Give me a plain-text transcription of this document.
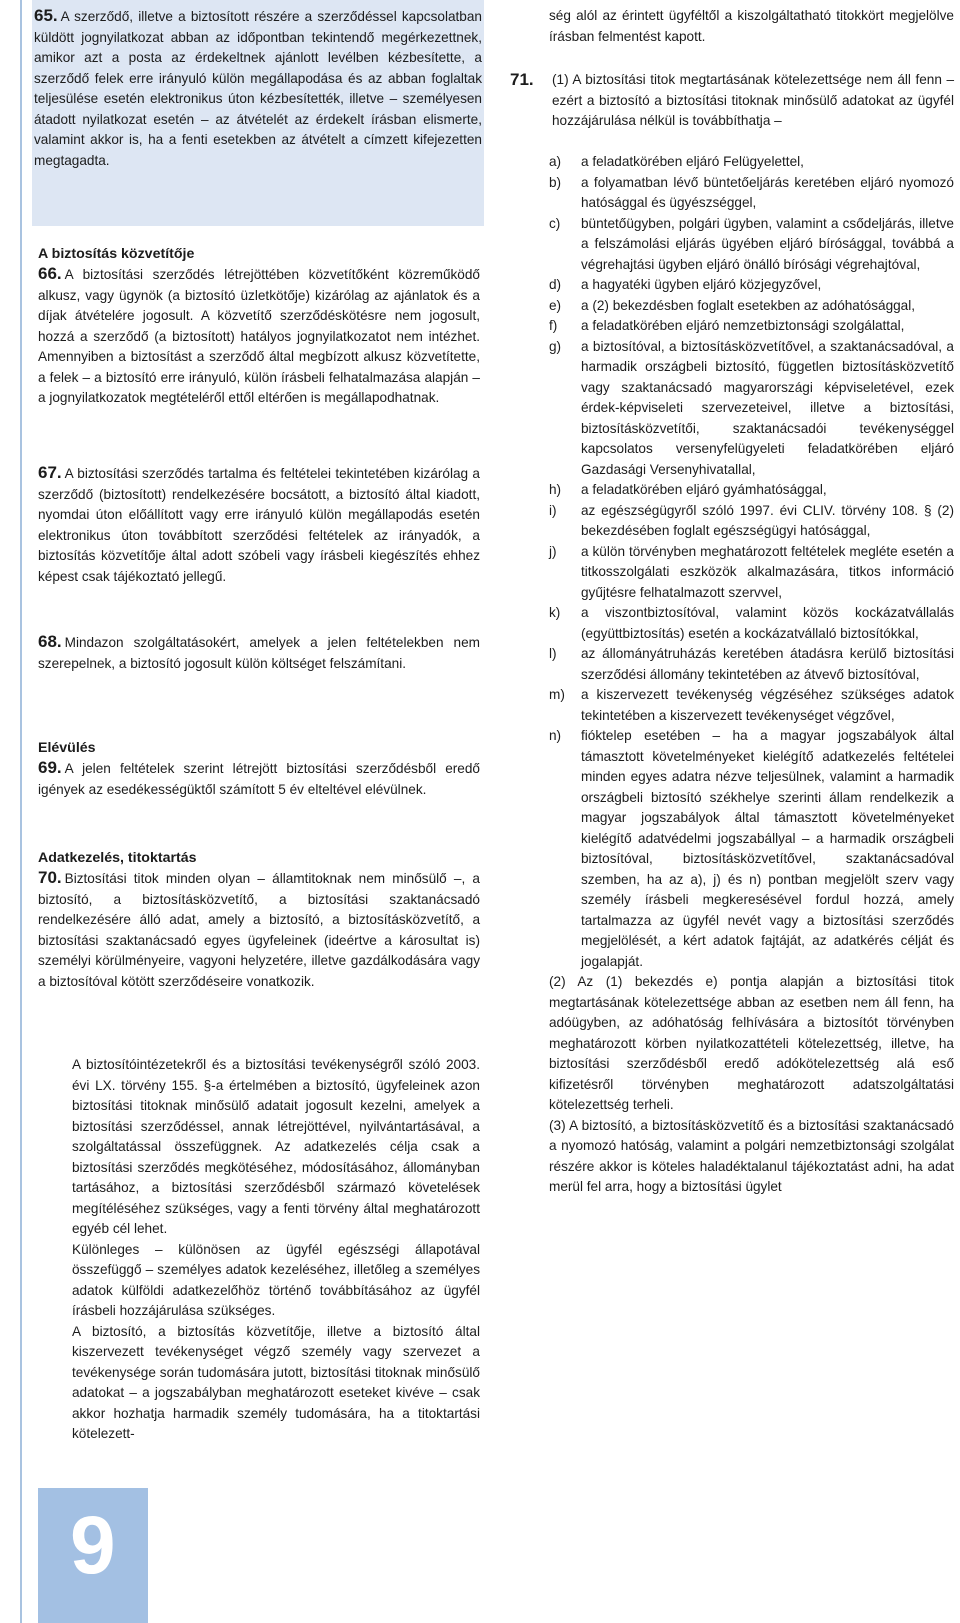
65. A szerződő, illetve a biztosított részére a szerződéssel kapcsolatban küldött jognyilatkozat abban az időpontban tekintendő megérkezettnek, amikor azt a posta az érdekeltnek ajánlott levélben kézbesítette, a szerződő felek erre irányuló külön megállapodása és az abban foglaltak teljesülése esetén elektronikus úton kézbesítették, illetve – személyesen átadott nyilatkozat esetén – az átvételét az érdekelt írásban elismerte, valamint akkor is, ha a fenti esetekben az átvételt a címzett kifejezetten megtagadta.

A biztosítás közvetítője

66. A biztosítási szerződés létrejöttében közvetítőként közreműködő alkusz, vagy ügynök (a biztosító üzletkötője) kizárólag az ajánlatok és a díjak átvételére jogosult. A közvetítő szerződéskötésre nem jogosult, hozzá a szerződő (a biztosított) hatályos jognyilatkozatot nem intézhet. Amennyiben a biztosítást a szerződő által megbízott alkusz közvetítette, a felek – a biztosító erre irányuló, külön írásbeli felhatalmazása alapján – a jognyilatkozatok megtételéről ettől eltérően is megállapodhatnak.

67. A biztosítási szerződés tartalma és feltételei tekintetében kizárólag a szerződő (biztosított) rendelkezésére bocsátott, a biztosító által kiadott, nyomdai úton előállított vagy erre irányuló külön megállapodás esetén elektronikus úton továbbított szerződési feltételek az irányadók, a biztosítás közvetítője által adott szóbeli vagy írásbeli kiegészítés ehhez képest csak tájékoztató jellegű.

68. Mindazon szolgáltatásokért, amelyek a jelen feltételekben nem szerepelnek, a biztosító jogosult külön költséget felszámítani.

Elévülés

69. A jelen feltételek szerint létrejött biztosítási szerződésből eredő igények az esedékességüktől számított 5 év elteltével elévülnek.

Adatkezelés, titoktartás

70. Biztosítási titok minden olyan – államtitoknak nem minősülő –, a biztosító, a biztosításközvetítő, a biztosítási szaktanácsadó rendelkezésére álló adat, amely a biztosító, a biztosításközvetítő, a biztosítási szaktanácsadó egyes ügyfeleinek (ideértve a károsultat is) személyi körülményeire, vagyoni helyzetére, illetve gazdálkodására vagy a biztosítóval kötött szerződéseire vonatkozik.

A biztosítóintézetekről és a biztosítási tevékenységről szóló 2003. évi LX. törvény 155. §-a értelmében a biztosító, ügyfeleinek azon biztosítási titoknak minősülő adatait jogosult kezelni, amelyek a biztosítási szerződéssel, annak létrejöttével, nyilvántartásával, a szolgáltatással összefüggnek. Az adatkezelés célja csak a biztosítási szerződés megkötéséhez, módosításához, állományban tartásához, a biztosítási szerződésből származó követelések megítéléséhez szükséges, vagy a fenti törvény által meghatározott egyéb cél lehet.

Különleges – különösen az ügyfél egészségi állapotával összefüggő – személyes adatok kezeléséhez, illetőleg a személyes adatok külföldi adatkezelőhöz történő továbbításához az ügyfél írásbeli hozzájárulása szükséges.

A biztosító, a biztosítás közvetítője, illetve a biztosító által kiszervezett tevékenységet végző személy vagy szervezet a tevékenysége során tudomására jutott, biztosítási titoknak minősülő adatokat – a jogszabályban meghatározott eseteket kivéve – csak akkor hozhatja harmadik személy tudomására, ha a titoktartási kötelezett-

ség alól az érintett ügyféltől a kiszolgáltatható titokkört megjelölve írásban felmentést kapott.

71.	(1) A biztosítási titok megtartásának kötelezettsége nem áll fenn – ezért a biztosító a biztosítási titoknak minősülő adatokat az ügyfél hozzájárulása nélkül is továbbíthatja –

a)	a feladatkörében eljáró Felügyelettel,
b)	a folyamatban lévő büntetőeljárás keretében eljáró nyomozó hatósággal és ügyészséggel,
c)	büntetőügyben, polgári ügyben, valamint a csődeljárás, illetve a felszámolási eljárás ügyében eljáró bírósággal, továbbá a végrehajtási ügyben eljáró önálló bírósági végrehajtóval,
d)	a hagyatéki ügyben eljáró közjegyzővel,
e)	a (2) bekezdésben foglalt esetekben az adóhatósággal,
f)	a feladatkörében eljáró nemzetbiztonsági szolgálattal,
g)	a biztosítóval, a biztosításközvetítővel, a szaktanácsadóval, a harmadik országbeli biztosító, független biztosításközvetítő vagy szaktanácsadó magyarországi képviseletével, ezek érdek-képviseleti szervezeteivel, illetve a biztosítási, biztosításközvetítői, szaktanácsadói tevékenységgel kapcsolatos versenyfelügyeleti feladatkörében eljáró Gazdasági Versenyhivatallal,
h)	a feladatkörében eljáró gyámhatósággal,
i)	az egészségügyről szóló 1997. évi CLIV. törvény 108. § (2) bekezdésében foglalt egészségügyi hatósággal,
j)	a külön törvényben meghatározott feltételek megléte esetén a titkosszolgálati eszközök alkalmazására, titkos információ gyűjtésre felhatalmazott szervvel,
k)	a viszontbiztosítóval, valamint közös kockázatvállalás (együttbiztosítás) esetén a kockázatvállaló biztosítókkal,
l)	az állományátruházás keretében átadásra kerülő biztosítási szerződési állomány tekintetében az átvevő biztosítóval,
m)	a kiszervezett tevékenység végzéséhez szükséges adatok tekintetében a kiszervezett tevékenységet végzővel,
n)	fióktelep esetében – ha a magyar jogszabályok által támasztott követelményeket kielégítő adatkezelés feltételei minden egyes adatra nézve teljesülnek, valamint a harmadik országbeli biztosító székhelye szerinti állam rendelkezik a magyar jogszabályok által támasztott követelményeket kielégítő adatvédelmi jogszabállyal – a harmadik országbeli biztosítóval, biztosításközvetítővel, szaktanácsadóval szemben, ha az a), j) és n) pontban megjelölt szerv vagy személy írásbeli megkeresésével fordul hozzá, amely tartalmazza az ügyfél nevét vagy a biztosítási szerződés megjelölését, a kért adatok fajtáját, az adatkérés célját és jogalapját.

(2) Az (1) bekezdés e) pontja alapján a biztosítási titok megtartásának kötelezettsége abban az esetben nem áll fenn, ha adóügyben, az adóhatóság felhívására a biztosítót törvényben meghatározott körben nyilatkozattételi kötelezettség, illetve, ha biztosítási szerződésből eredő adókötelezettség alá eső kifizetésről törvényben meghatározott adatszolgáltatási kötelezettség terheli.

(3) A biztosító, a biztosításközvetítő és a biztosítási szaktanácsadó a nyomozó hatóság, valamint a polgári nemzetbiztonsági szolgálat részére akkor is köteles haladéktalanul tájékoztatást adni, ha adat merül fel arra, hogy a biztosítási ügylet

9
